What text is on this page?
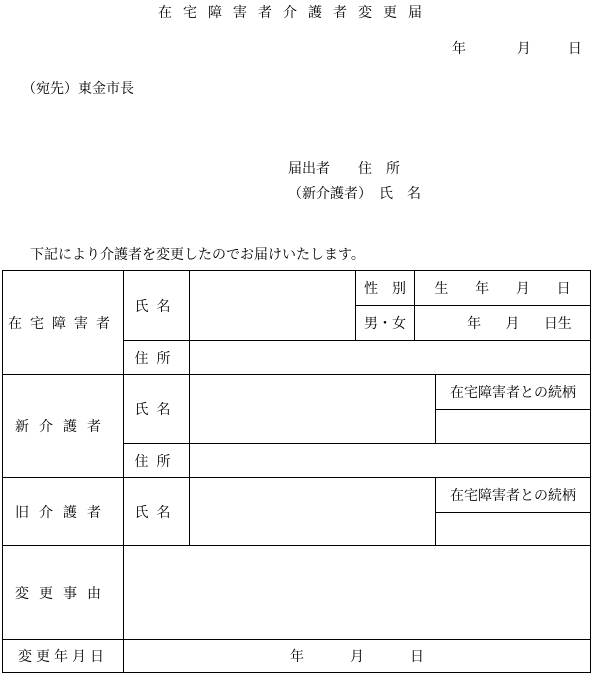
在宅障害者介護者変更届
年	月	日
（宛先）東金市長
届出者　　住　所
（新介護者）　氏　名
下記により介護者を変更したのでお届けいたします。
在宅障害者	氏名		性　別	生 年 月 日	

			男・女	年 月 日生	

	住所				
新介護者	氏名				在宅障害者との続柄

	住所				
旧介護者	氏名				在宅障害者との続柄

変更事由					
変更年月日	年 月 日				
